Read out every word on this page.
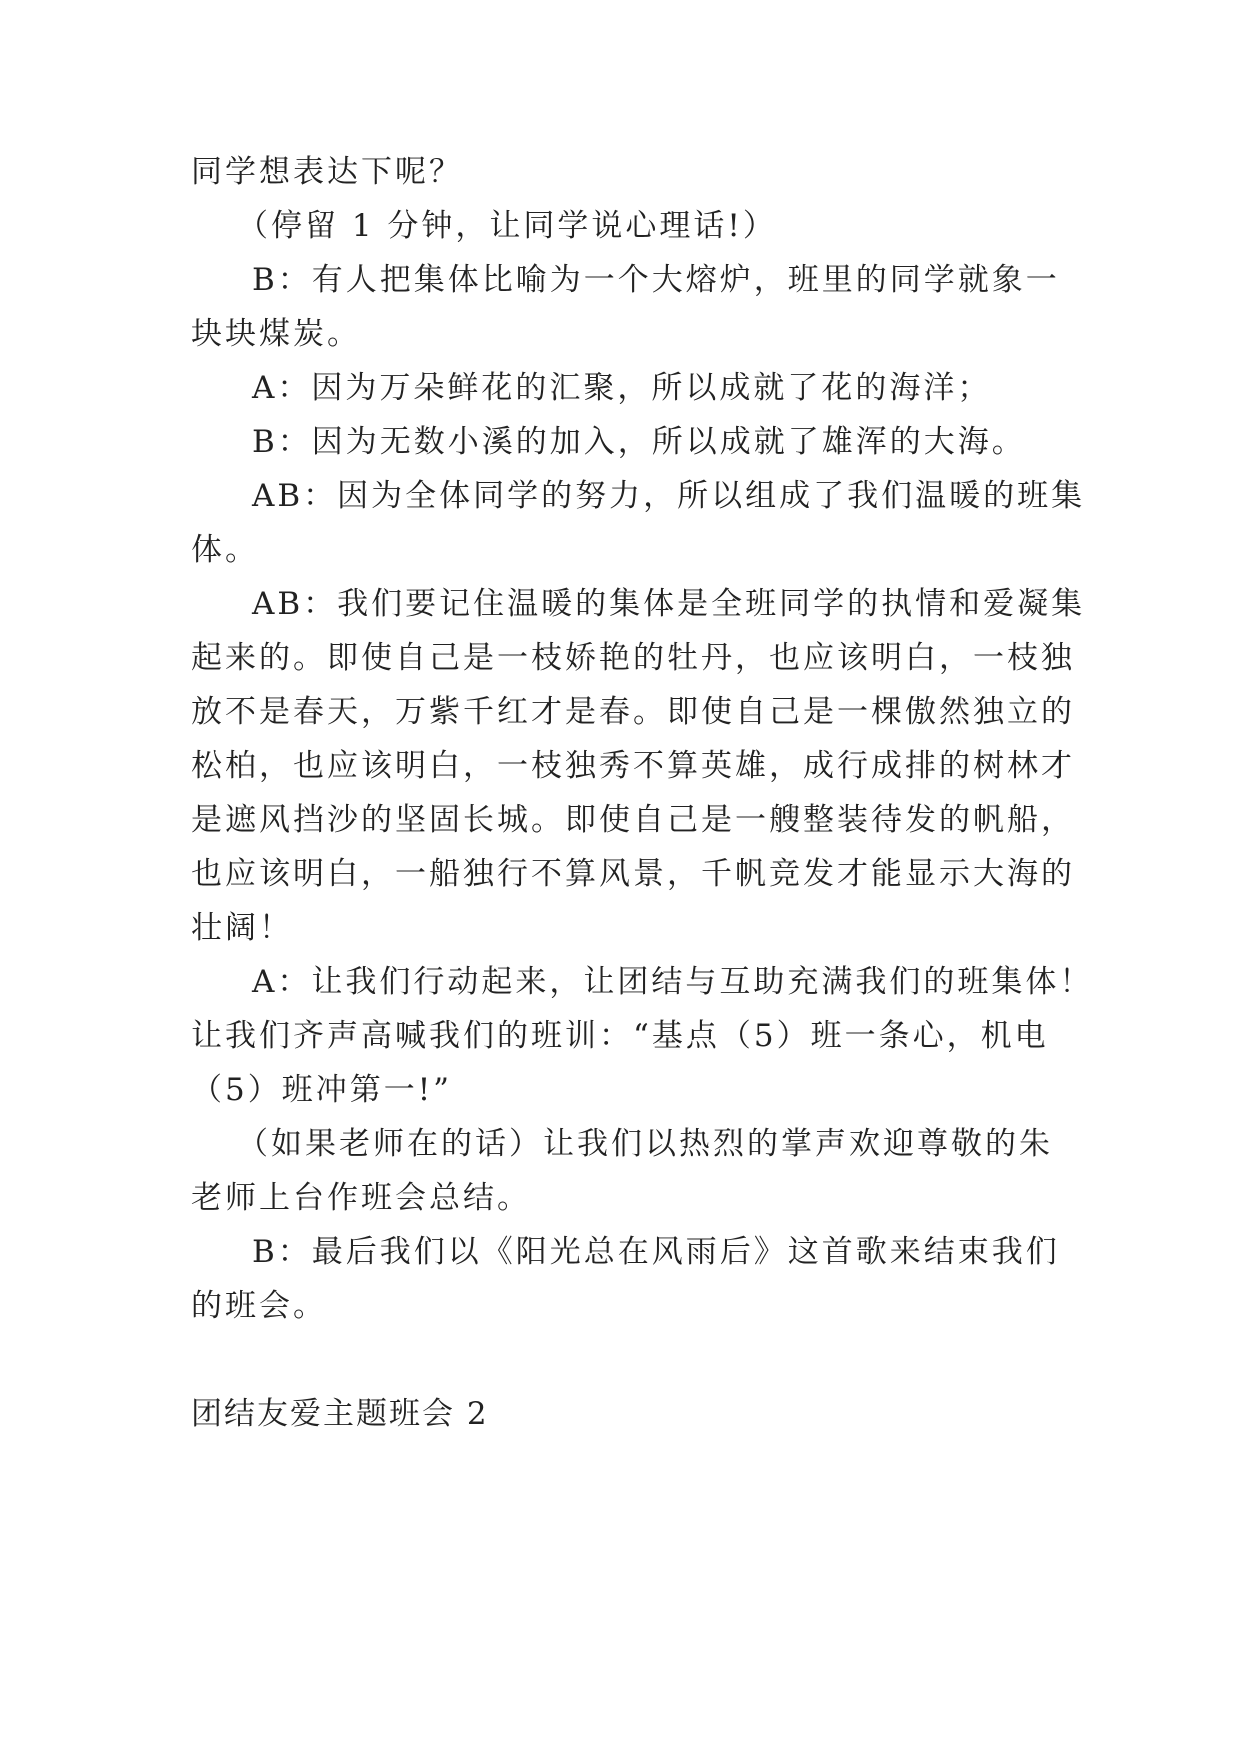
同学想表达下呢？
（停留 1 分钟，让同学说心理话!）
B：有人把集体比喻为一个大熔炉，班里的同学就象一
块块煤炭。
A：因为万朵鲜花的汇聚，所以成就了花的海洋；
B：因为无数小溪的加入，所以成就了雄浑的大海。
AB：因为全体同学的努力，所以组成了我们温暖的班集
体。
AB：我们要记住温暖的集体是全班同学的执情和爱凝集
起来的。即使自己是一枝娇艳的牡丹，也应该明白，一枝独
放不是春天，万紫千红才是春。即使自己是一棵傲然独立的
松柏，也应该明白，一枝独秀不算英雄，成行成排的树林才
是遮风挡沙的坚固长城。即使自己是一艘整装待发的帆船，
也应该明白，一船独行不算风景，千帆竞发才能显示大海的
壮阔！
A：让我们行动起来，让团结与互助充满我们的班集体！
让我们齐声高喊我们的班训：“基点（5）班一条心，机电
（5）班冲第一!”
（如果老师在的话）让我们以热烈的掌声欢迎尊敬的朱
老师上台作班会总结。
B：最后我们以《阳光总在风雨后》这首歌来结束我们
的班会。
团结友爱主题班会 2
